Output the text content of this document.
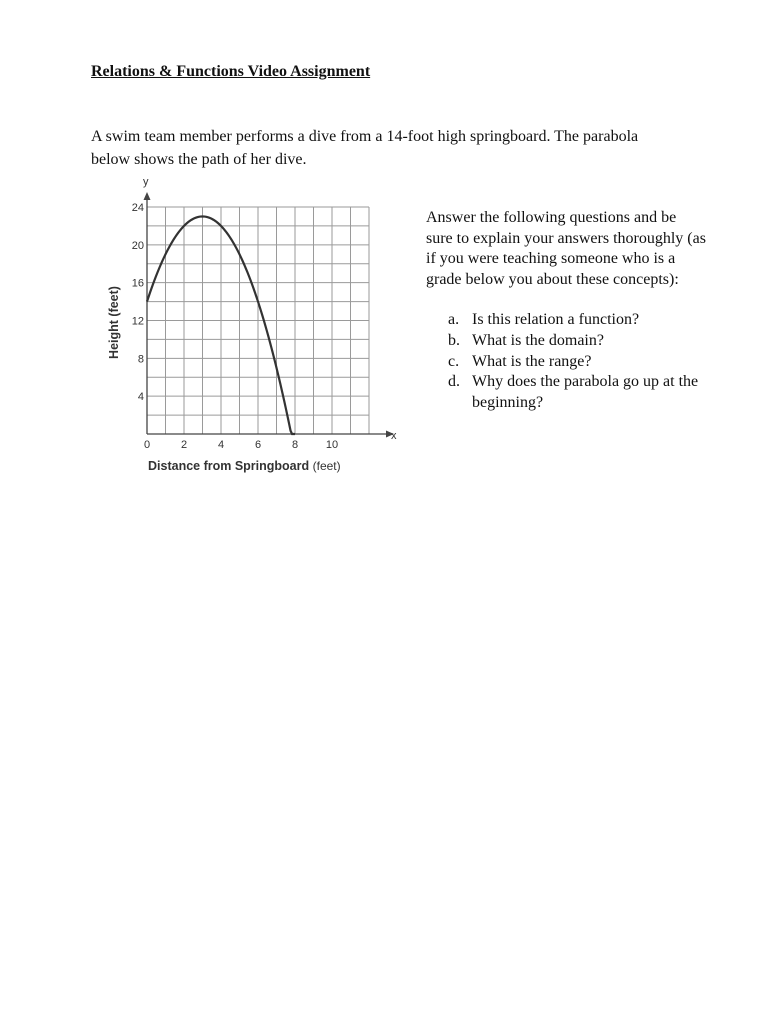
Relations & Functions Video Assignment

A swim team member performs a dive from a 14-foot high springboard. The parabola below shows the path of her dive.

x
y
0	2	4	6	8	10
4
8
12
16
20
24
Height (feet)
Distance from Springboard (feet)

Answer the following questions and be sure to explain your answers thoroughly (as if you were teaching someone who is a grade below you about these concepts):

a. Is this relation a function?
b. What is the domain?
c. What is the range?
d. Why does the parabola go up at the beginning?
